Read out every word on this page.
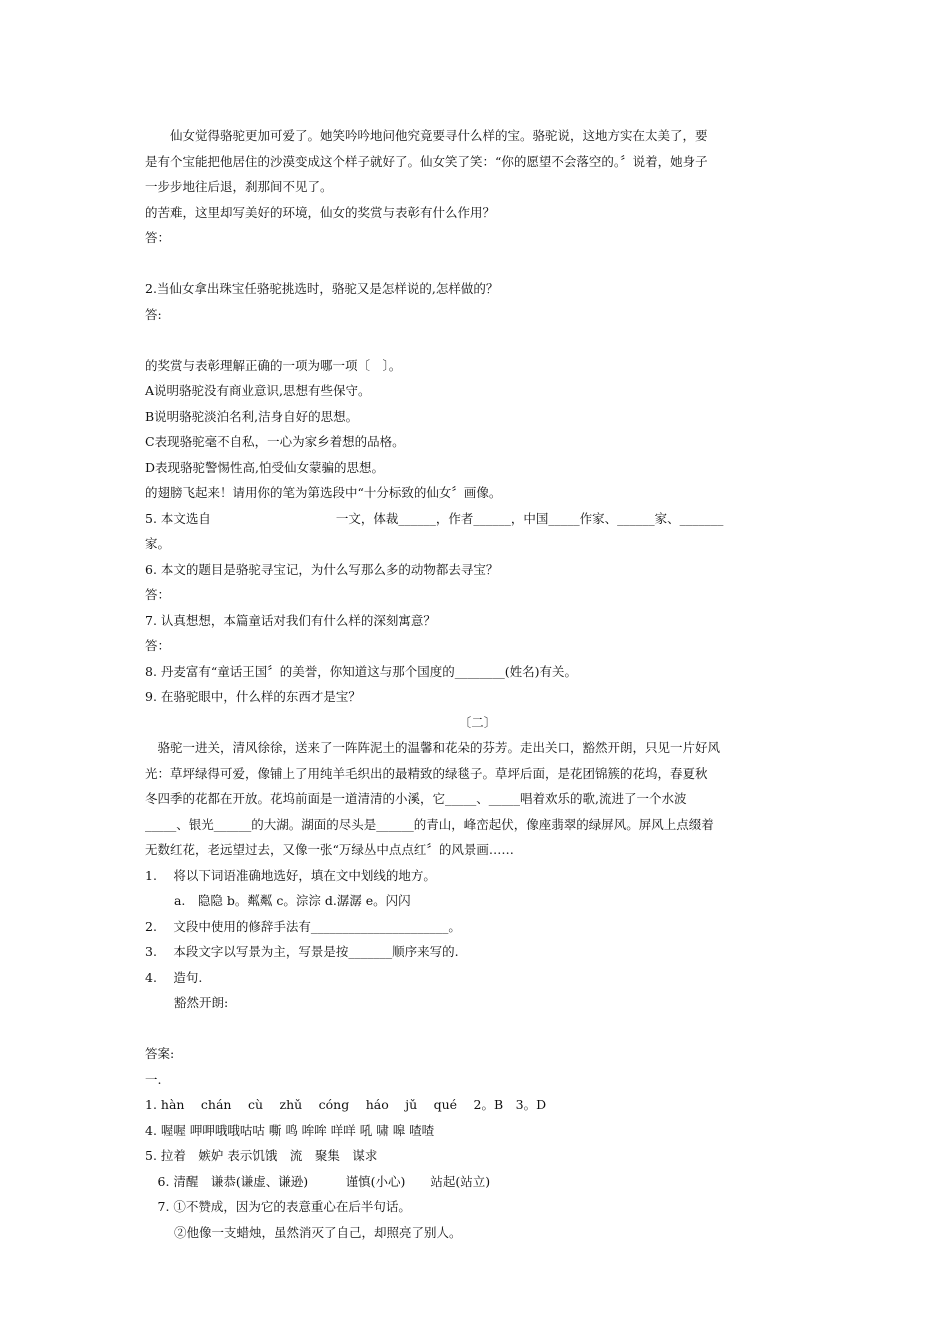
　　仙女觉得骆驼更加可爱了。她笑吟吟地问他究竟要寻什么样的宝。骆驼说，这地方实在太美了，要
是有个宝能把他居住的沙漠变成这个样子就好了。仙女笑了笑：“你的愿望不会落空的。〞说着，她身子
一步步地往后退，刹那间不见了。
的苦难，这里却写美好的环境，仙女的奖赏与表彰有什么作用？
答：
2.当仙女拿出珠宝任骆驼挑选时，骆驼又是怎样说的,怎样做的？
答:
的奖赏与表彰理解正确的一项为哪一项〔　〕。
A说明骆驼没有商业意识,思想有些保守。
B说明骆驼淡泊名利,洁身自好的思想。
C表现骆驼毫不自私，一心为家乡着想的品格。
D表现骆驼警惕性高,怕受仙女蒙骗的思想。
的翅膀飞起来！请用你的笔为第选段中“十分标致的仙女〞画像。
5. 本文选自　　　　　　　　　　一文，体裁______，作者______，中国_____作家、______家、_______
家。
6. 本文的题目是骆驼寻宝记，为什么写那么多的动物都去寻宝？
答：
7. 认真想想，本篇童话对我们有什么样的深刻寓意？
答：
8. 丹麦富有“童话王国〞的美誉，你知道这与那个国度的________(姓名)有关。
9. 在骆驼眼中，什么样的东西才是宝？
〔二〕
　骆驼一进关，清风徐徐，送来了一阵阵泥土的温馨和花朵的芬芳。走出关口，豁然开朗，只见一片好风
光：草坪绿得可爱，像铺上了用纯羊毛织出的最精致的绿毯子。草坪后面，是花团锦簇的花坞，春夏秋
冬四季的花都在开放。花坞前面是一道清清的小溪，它_____、_____唱着欢乐的歌,流进了一个水波
_____、银光______的大湖。湖面的尽头是______的青山，峰峦起伏，像座翡翠的绿屏风。屏风上点缀着
无数红花，老远望过去，又像一张“万绿丛中点点红〞的风景画……
1.　 将以下词语准确地选好，填在文中划线的地方。
　　 a.　隐隐 b。粼粼 c。淙淙 d.潺潺 e。闪闪
2.　 文段中使用的修辞手法有______________________。
3.　 本段文字以写景为主，写景是按_______顺序来写的.
4.　 造句.
　　 豁然开朗:
答案:
一.
1. hàn　 chán　 cù　 zhǔ　 cóng　 háo　 jǔ　 qué　 2。B　3。D
4. 喔喔 呷呷哦哦咕咕 嘶 鸣 哞哞 咩咩 吼 啸 嗥 喳喳
5. 拉着　嫉妒 表示饥饿　流　聚集　谋求
　6. 清醒　谦恭(谦虚、谦逊)　　　谨慎(小心)　　站起(站立)
　7. ①不赞成，因为它的表意重心在后半句话。
　　 ②他像一支蜡烛，虽然消灭了自己，却照亮了别人。
